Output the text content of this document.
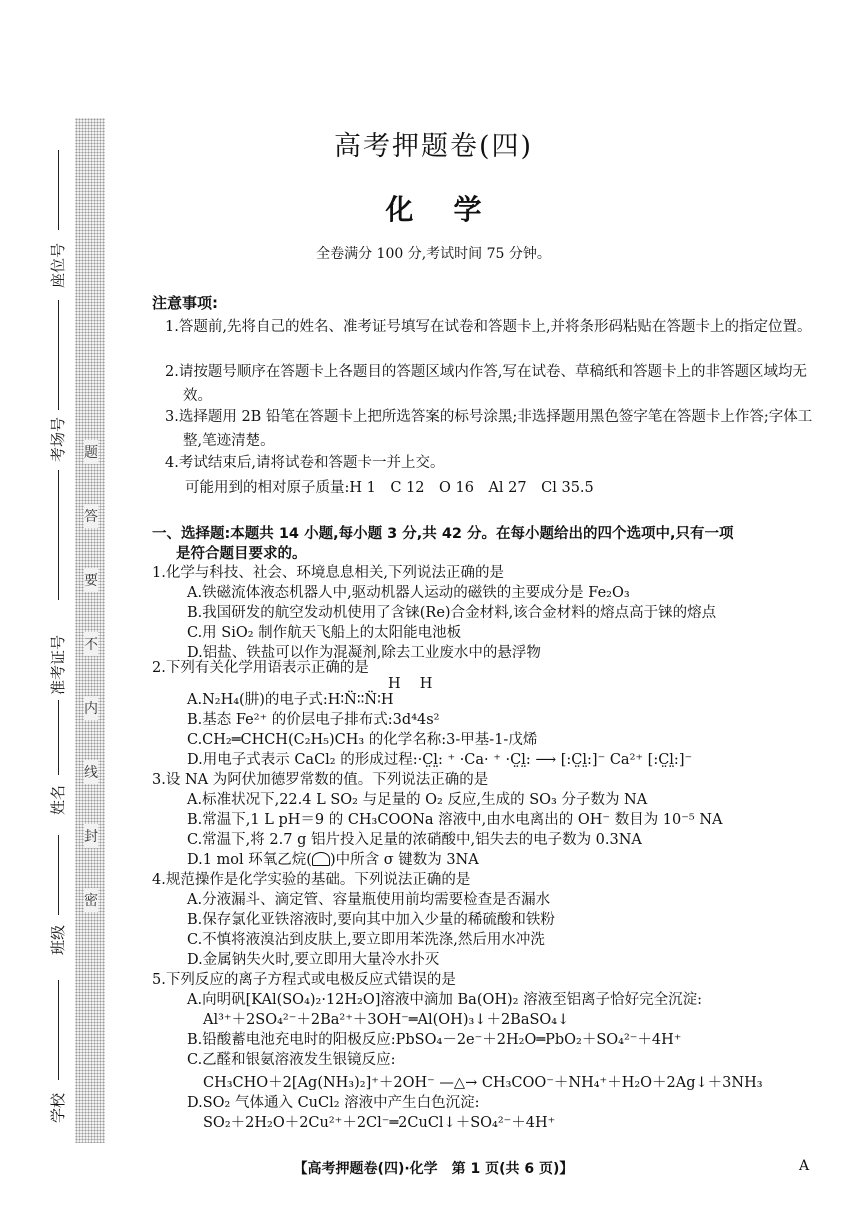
题
答
要
不
内
线
封
密
座位号
考场号
准考证号
姓名
班级
学校
高考押题卷(四)
化学
全卷满分 100 分,考试时间 75 分钟。
注意事项:
1.答题前,先将自己的姓名、准考证号填写在试卷和答题卡上,并将条形码粘贴在答题卡上的指定位置。
2.请按题号顺序在答题卡上各题目的答题区域内作答,写在试卷、草稿纸和答题卡上的非答题区域均无效。
3.选择题用 2B 铅笔在答题卡上把所选答案的标号涂黑;非选择题用黑色签字笔在答题卡上作答;字体工整,笔迹清楚。
4.考试结束后,请将试卷和答题卡一并上交。
可能用到的相对原子质量:H 1　C 12　O 16　Al 27　Cl 35.5
一、选择题:本题共 14 小题,每小题 3 分,共 42 分。在每小题给出的四个选项中,只有一项
是符合题目要求的。
1.化学与科技、社会、环境息息相关,下列说法正确的是
A.铁磁流体液态机器人中,驱动机器人运动的磁铁的主要成分是 Fe₂O₃
B.我国研发的航空发动机使用了含铼(Re)合金材料,该合金材料的熔点高于铼的熔点
C.用 SiO₂ 制作航天飞船上的太阳能电池板
D.铝盐、铁盐可以作为混凝剂,除去工业废水中的悬浮物
2.下列有关化学用语表示正确的是
H　 H
A.N₂H₄(肼)的电子式:H∶N̈∶∶N̈∶H
B.基态 Fe²⁺ 的价层电子排布式:3d⁴4s²
C.CH₂═CHCH(C₂H₅)CH₃ 的化学名称:3-甲基-1-戊烯
D.用电子式表示 CaCl₂ 的形成过程:·C̤l̤: ⁺ ·Ca· ⁺ ·C̤l̤: ⟶ [:C̤l̤:]⁻ Ca²⁺ [:C̤l̤:]⁻
3.设 NA 为阿伏加德罗常数的值。下列说法正确的是
A.标准状况下,22.4 L SO₂ 与足量的 O₂ 反应,生成的 SO₃ 分子数为 NA
B.常温下,1 L pH＝9 的 CH₃COONa 溶液中,由水电离出的 OH⁻ 数目为 10⁻⁵ NA
C.常温下,将 2.7 g 铝片投入足量的浓硝酸中,铝失去的电子数为 0.3NA
D.1 mol 环氧乙烷( )中所含 σ 键数为 3NA
4.规范操作是化学实验的基础。下列说法正确的是
A.分液漏斗、滴定管、容量瓶使用前均需要检查是否漏水
B.保存氯化亚铁溶液时,要向其中加入少量的稀硫酸和铁粉
C.不慎将液溴沾到皮肤上,要立即用苯洗涤,然后用水冲洗
D.金属钠失火时,要立即用大量冷水扑灭
5.下列反应的离子方程式或电极反应式错误的是
A.向明矾[KAl(SO₄)₂·12H₂O]溶液中滴加 Ba(OH)₂ 溶液至铝离子恰好完全沉淀:
Al³⁺＋2SO₄²⁻＋2Ba²⁺＋3OH⁻═Al(OH)₃↓＋2BaSO₄↓
B.铅酸蓄电池充电时的阳极反应:PbSO₄－2e⁻＋2H₂O═PbO₂＋SO₄²⁻＋4H⁺
C.乙醛和银氨溶液发生银镜反应:
CH₃CHO＋2[Ag(NH₃)₂]⁺＋2OH⁻ —△→ CH₃COO⁻＋NH₄⁺＋H₂O＋2Ag↓＋3NH₃
D.SO₂ 气体通入 CuCl₂ 溶液中产生白色沉淀:
SO₂＋2H₂O＋2Cu²⁺＋2Cl⁻═2CuCl↓＋SO₄²⁻＋4H⁺
【高考押题卷(四)·化学　第 1 页(共 6 页)】	A
